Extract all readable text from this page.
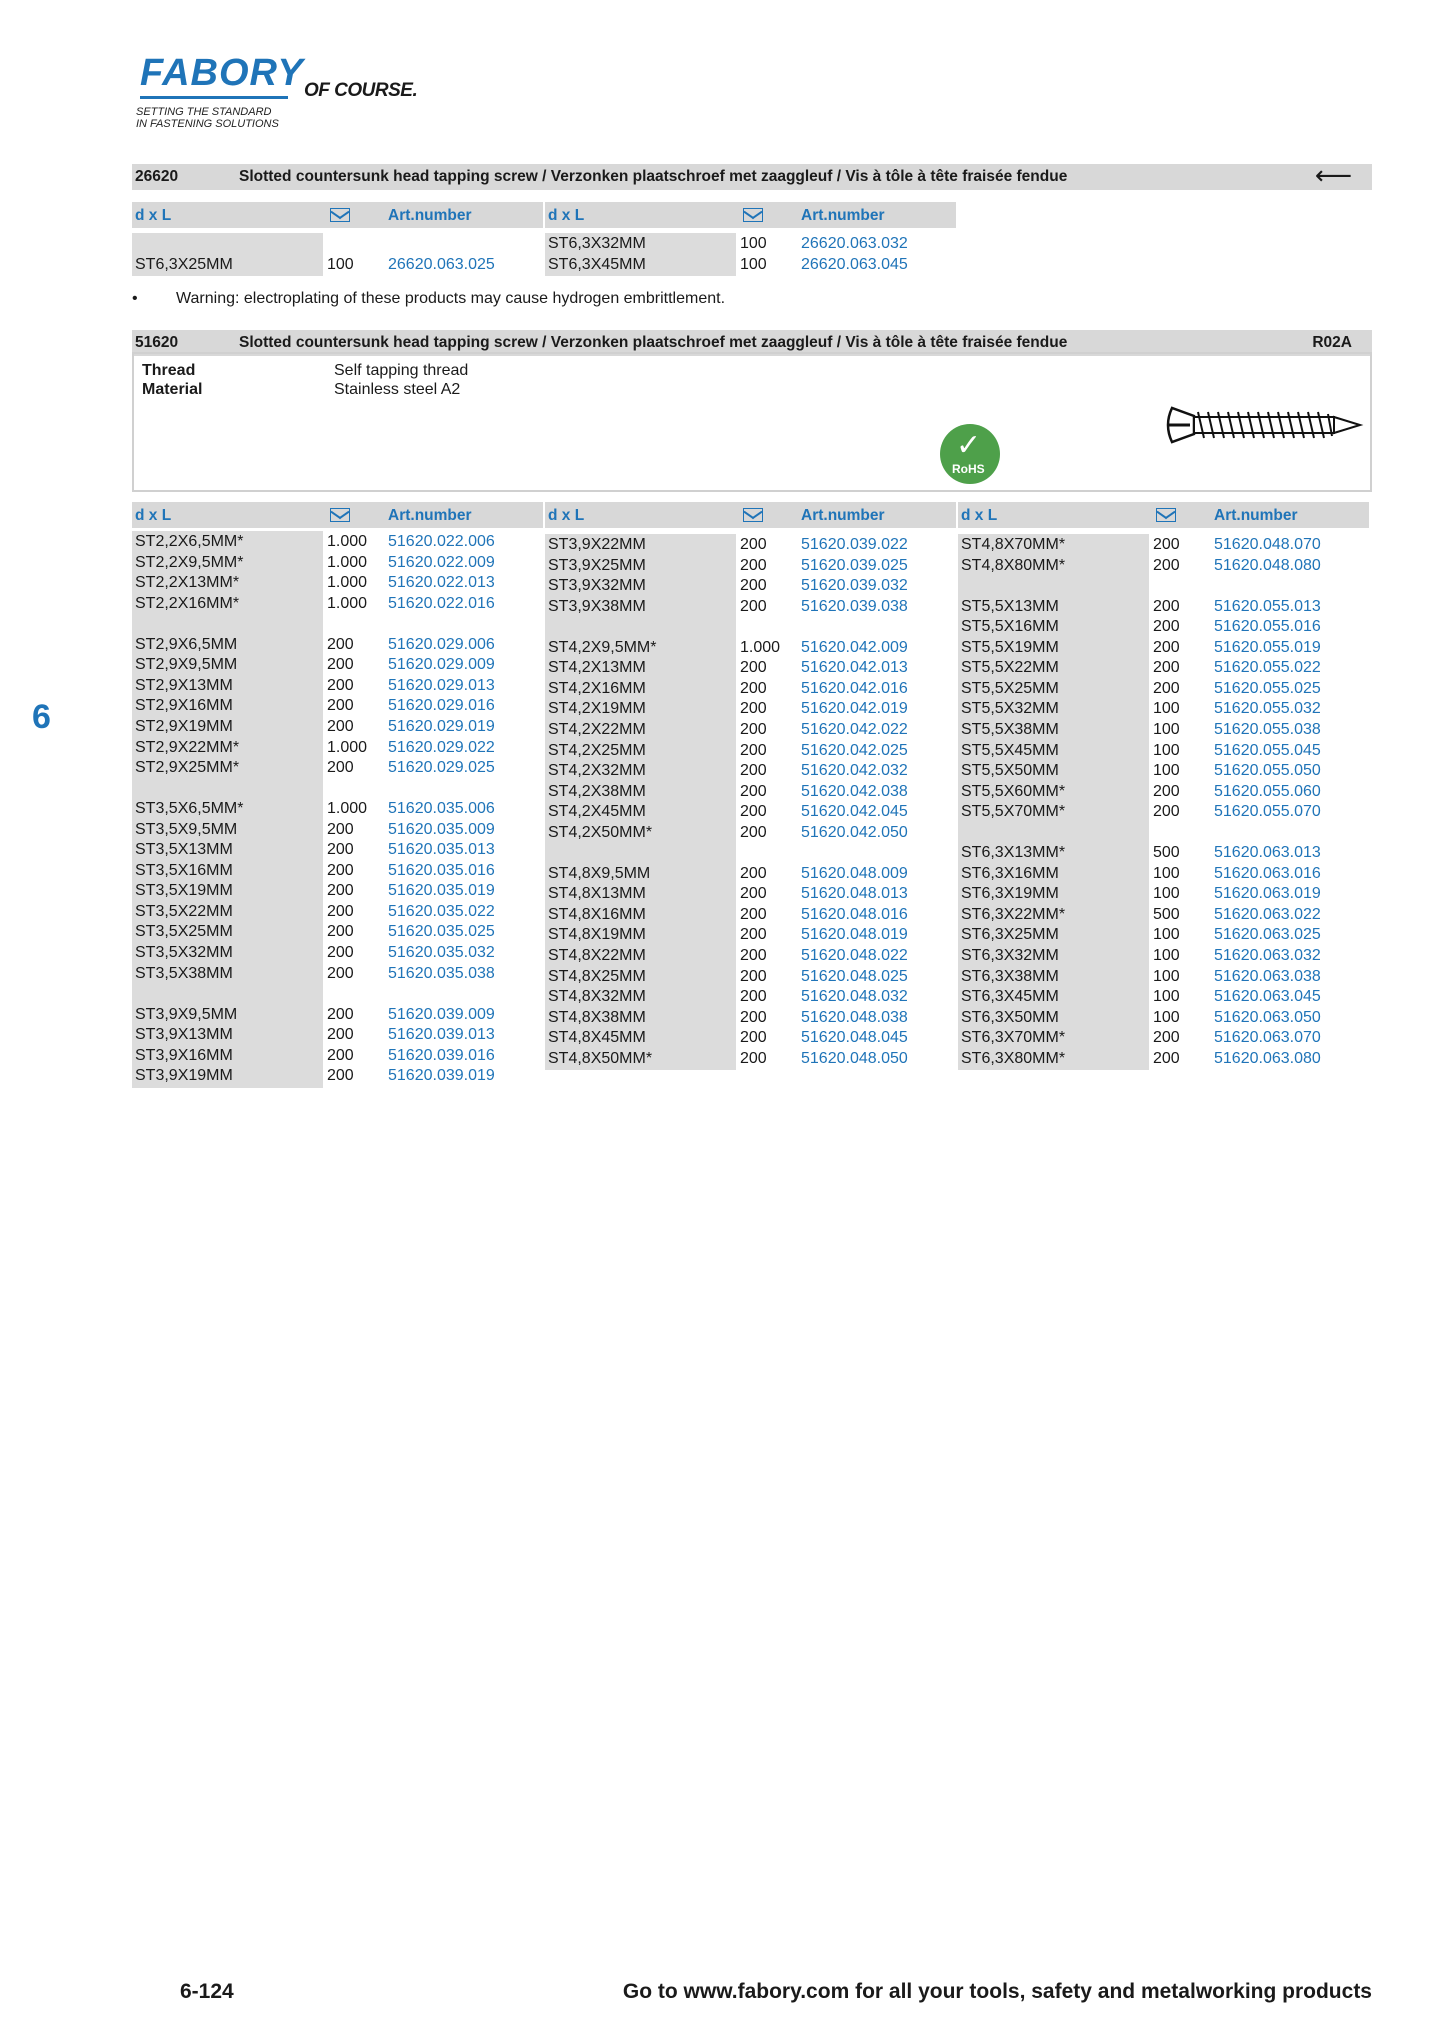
FABORY OF COURSE.
SETTING THE STANDARD
IN FASTENING SOLUTIONS
26620	Slotted countersunk head tapping screw / Verzonken plaatschroef met zaaggleuf / Vis à tôle à tête fraisée fendue	⟵
d x L	Art.number
ST6,3X25MM	100 26620.063.025
d x L	Art.number
ST6,3X32MM	100 26620.063.032
ST6,3X45MM	100 26620.063.045
• Warning: electroplating of these products may cause hydrogen embrittlement.
51620	Slotted countersunk head tapping screw / Verzonken plaatschroef met zaaggleuf / Vis à tôle à tête fraisée fendue	R02A
Thread	Self tapping thread
Material	Stainless steel A2
✓
RoHS
d x L	Art.number
ST2,2X6,5MM*	1.000 51620.022.006
ST2,2X9,5MM*	1.000 51620.022.009
ST2,2X13MM*	1.000 51620.022.013
ST2,2X16MM*	1.000 51620.022.016
ST2,9X6,5MM	200 51620.029.006
ST2,9X9,5MM	200 51620.029.009
ST2,9X13MM	200 51620.029.013
ST2,9X16MM	200 51620.029.016
ST2,9X19MM	200 51620.029.019
ST2,9X22MM*	1.000 51620.029.022
ST2,9X25MM*	200 51620.029.025
ST3,5X6,5MM*	1.000 51620.035.006
ST3,5X9,5MM	200 51620.035.009
ST3,5X13MM	200 51620.035.013
ST3,5X16MM	200 51620.035.016
ST3,5X19MM	200 51620.035.019
ST3,5X22MM	200 51620.035.022
ST3,5X25MM	200 51620.035.025
ST3,5X32MM	200 51620.035.032
ST3,5X38MM	200 51620.035.038
ST3,9X9,5MM	200 51620.039.009
ST3,9X13MM	200 51620.039.013
ST3,9X16MM	200 51620.039.016
ST3,9X19MM	200 51620.039.019
d x L	Art.number
ST3,9X22MM	200 51620.039.022
ST3,9X25MM	200 51620.039.025
ST3,9X32MM	200 51620.039.032
ST3,9X38MM	200 51620.039.038
ST4,2X9,5MM*	1.000 51620.042.009
ST4,2X13MM	200 51620.042.013
ST4,2X16MM	200 51620.042.016
ST4,2X19MM	200 51620.042.019
ST4,2X22MM	200 51620.042.022
ST4,2X25MM	200 51620.042.025
ST4,2X32MM	200 51620.042.032
ST4,2X38MM	200 51620.042.038
ST4,2X45MM	200 51620.042.045
ST4,2X50MM*	200 51620.042.050
ST4,8X9,5MM	200 51620.048.009
ST4,8X13MM	200 51620.048.013
ST4,8X16MM	200 51620.048.016
ST4,8X19MM	200 51620.048.019
ST4,8X22MM	200 51620.048.022
ST4,8X25MM	200 51620.048.025
ST4,8X32MM	200 51620.048.032
ST4,8X38MM	200 51620.048.038
ST4,8X45MM	200 51620.048.045
ST4,8X50MM*	200 51620.048.050
d x L	Art.number
ST4,8X70MM*	200 51620.048.070
ST4,8X80MM*	200 51620.048.080
ST5,5X13MM	200 51620.055.013
ST5,5X16MM	200 51620.055.016
ST5,5X19MM	200 51620.055.019
ST5,5X22MM	200 51620.055.022
ST5,5X25MM	200 51620.055.025
ST5,5X32MM	100 51620.055.032
ST5,5X38MM	100 51620.055.038
ST5,5X45MM	100 51620.055.045
ST5,5X50MM	100 51620.055.050
ST5,5X60MM*	200 51620.055.060
ST5,5X70MM*	200 51620.055.070
ST6,3X13MM*	500 51620.063.013
ST6,3X16MM	100 51620.063.016
ST6,3X19MM	100 51620.063.019
ST6,3X22MM*	500 51620.063.022
ST6,3X25MM	100 51620.063.025
ST6,3X32MM	100 51620.063.032
ST6,3X38MM	100 51620.063.038
ST6,3X45MM	100 51620.063.045
ST6,3X50MM	100 51620.063.050
ST6,3X70MM*	200 51620.063.070
ST6,3X80MM*	200 51620.063.080
6
6-124	Go to www.fabory.com for all your tools, safety and metalworking products
